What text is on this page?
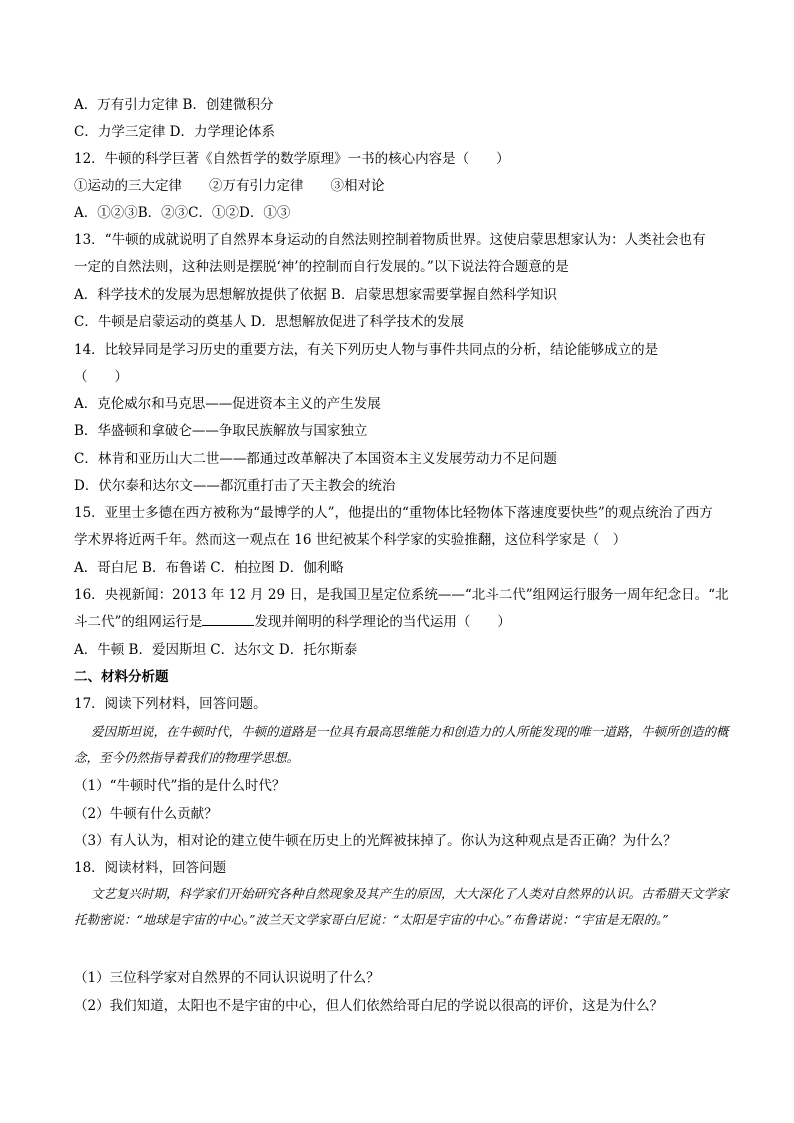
A．万有引力定律 B．创建微积分
C．力学三定律 D．力学理论体系
12．牛顿的科学巨著《自然哲学的数学原理》一书的核心内容是（　　）
①运动的三大定律　　②万有引力定律　　③相对论
A．①②③B．②③C．①②D．①③
13．“牛顿的成就说明了自然界本身运动的自然法则控制着物质世界。这使启蒙思想家认为：人类社会也有
一定的自然法则，这种法则是摆脱‘神’的控制而自行发展的。”以下说法符合题意的是
A．科学技术的发展为思想解放提供了依据 B．启蒙思想家需要掌握自然科学知识
C．牛顿是启蒙运动的奠基人 D．思想解放促进了科学技术的发展
14．比较异同是学习历史的重要方法，有关下列历史人物与事件共同点的分析，结论能够成立的是
（　　）
A．克伦威尔和马克思——促进资本主义的产生发展
B．华盛顿和拿破仑——争取民族解放与国家独立
C．林肯和亚历山大二世——都通过改革解决了本国资本主义发展劳动力不足问题
D．伏尔泰和达尔文——都沉重打击了天主教会的统治
15．亚里士多德在西方被称为“最博学的人”，他提出的“重物体比轻物体下落速度要快些”的观点统治了西方
学术界将近两千年。然而这一观点在 16 世纪被某个科学家的实验推翻，这位科学家是（　）
A．哥白尼 B．布鲁诺 C．柏拉图 D．伽利略
16．央视新闻：2013 年 12 月 29 日，是我国卫星定位系统——“北斗二代”组网运行服务一周年纪念日。“北
斗二代”的组网运行是	发现并阐明的科学理论的当代运用（　　）
A．牛顿 B．爱因斯坦 C．达尔文 D．托尔斯泰
二、材料分析题
17．阅读下列材料，回答问题。
爱因斯坦说，在牛顿时代，牛顿的道路是一位具有最高思维能力和创造力的人所能发现的唯一道路，牛顿所创造的概念，至今仍然指导着我们的物理学思想。
（1）“牛顿时代”指的是什么时代？
（2）牛顿有什么贡献？
（3）有人认为，相对论的建立使牛顿在历史上的光辉被抹掉了。你认为这种观点是否正确？为什么？
18．阅读材料，回答问题
文艺复兴时期，科学家们开始研究各种自然现象及其产生的原因，大大深化了人类对自然界的认识。古希腊天文学家托勒密说：“地球是宇宙的中心。”波兰天文学家哥白尼说：“太阳是宇宙的中心。”布鲁诺说：“宇宙是无限的。”
（1）三位科学家对自然界的不同认识说明了什么？
（2）我们知道，太阳也不是宇宙的中心，但人们依然给哥白尼的学说以很高的评价，这是为什么？
